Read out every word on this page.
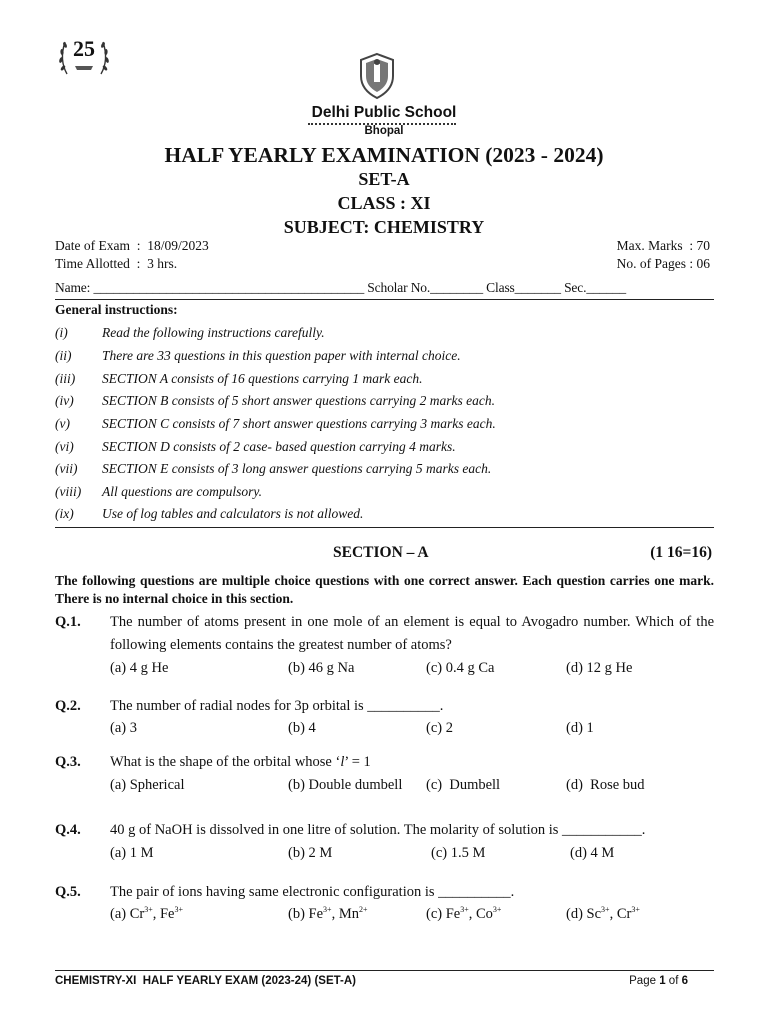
25
Delhi Public School
Bhopal
HALF YEARLY EXAMINATION (2023 - 2024)
SET-A
CLASS : XI
SUBJECT: CHEMISTRY
Date of Exam  :  18/09/2023
Time Allotted  :  3 hrs.
Max. Marks  : 70
No. of Pages : 06
Name: _________________________________________ Scholar No.________ Class_______ Sec.______
General instructions:
(i)	Read the following instructions carefully.
(ii) There are 33 questions in this question paper with internal choice.
(iii) SECTION A consists of 16 questions carrying 1 mark each.
(iv) SECTION B consists of 5 short answer questions carrying 2 marks each.
(v) SECTION C consists of 7 short answer questions carrying 3 marks each.
(vi) SECTION D consists of 2 case- based question carrying 4 marks.
(vii) SECTION E consists of 3 long answer questions carrying 5 marks each.
(viii) All questions are compulsory.
(ix) Use of log tables and calculators is not allowed.
SECTION – A	(1 16=16)
The following questions are multiple choice questions with one correct answer. Each question carries one mark. There is no internal choice in this section.
Q.1. The number of atoms present in one mole of an element is equal to Avogadro number. Which of the following elements contains the greatest number of atoms?
(a) 4 g He	(b) 46 g Na	(c) 0.4 g Ca	(d) 12 g He
Q.2. The number of radial nodes for 3p orbital is __________.
(a) 3	(b) 4	(c) 2	(d) 1
Q.3. What is the shape of the orbital whose ‘l’ = 1
(a) Spherical	(b) Double dumbell (c)  Dumbell	(d)  Rose bud
Q.4. 40 g of NaOH is dissolved in one litre of solution. The molarity of solution is ___________.
(a) 1 M	(b) 2 M	(c) 1.5 M	(d) 4 M
Q.5. The pair of ions having same electronic configuration is __________.
(a) $Cr^{3+}$, $Fe^{3+}$	(b) $Fe^{3+}$, $Mn^{2+}$	(c) $Fe^{3+}$, $Co^{3+}$	(d) $Sc^{3+}$, $Cr^{3+}$
CHEMISTRY-XI  HALF YEARLY EXAM (2023-24) (SET-A)	Page 1 of 6
